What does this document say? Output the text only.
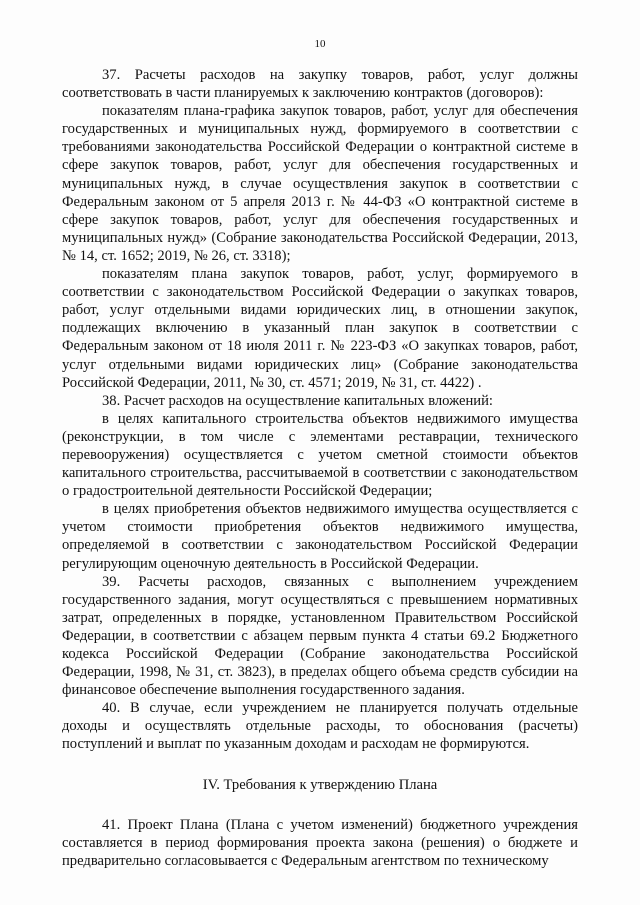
10

37. Расчеты расходов на закупку товаров, работ, услуг должны соответствовать в части планируемых к заключению контрактов (договоров):

показателям плана-графика закупок товаров, работ, услуг для обеспечения государственных и муниципальных нужд, формируемого в соответствии с требованиями законодательства Российской Федерации о контрактной системе в сфере закупок товаров, работ, услуг для обеспечения государственных и муниципальных нужд, в случае осуществления закупок в соответствии с Федеральным законом от 5 апреля 2013 г. № 44-ФЗ «О контрактной системе в сфере закупок товаров, работ, услуг для обеспечения государственных и муниципальных нужд» (Собрание законодательства Российской Федерации, 2013, № 14, ст. 1652; 2019, № 26, ст. 3318);

показателям плана закупок товаров, работ, услуг, формируемого в соответствии с законодательством Российской Федерации о закупках товаров, работ, услуг отдельными видами юридических лиц, в отношении закупок, подлежащих включению в указанный план закупок в соответствии с Федеральным законом от 18 июля 2011 г. № 223-ФЗ «О закупках товаров, работ, услуг отдельными видами юридических лиц» (Собрание законодательства Российской Федерации, 2011, № 30, ст. 4571; 2019, № 31, ст. 4422) .

38. Расчет расходов на осуществление капитальных вложений:

в целях капитального строительства объектов недвижимого имущества (реконструкции, в том числе с элементами реставрации, технического перевооружения) осуществляется с учетом сметной стоимости объектов капитального строительства, рассчитываемой в соответствии с законодательством о градостроительной деятельности Российской Федерации;

в целях приобретения объектов недвижимого имущества осуществляется с учетом стоимости приобретения объектов недвижимого имущества, определяемой в соответствии с законодательством Российской Федерации регулирующим оценочную деятельность в Российской Федерации.

39. Расчеты расходов, связанных с выполнением учреждением государственного задания, могут осуществляться с превышением нормативных затрат, определенных в порядке, установленном Правительством Российской Федерации, в соответствии с абзацем первым пункта 4 статьи 69.2 Бюджетного кодекса Российской Федерации (Собрание законодательства Российской Федерации, 1998, № 31, ст. 3823), в пределах общего объема средств субсидии на финансовое обеспечение выполнения государственного задания.

40. В случае, если учреждением не планируется получать отдельные доходы и осуществлять отдельные расходы, то обоснования (расчеты) поступлений и выплат по указанным доходам и расходам не формируются.

IV. Требования к утверждению Плана

41. Проект Плана (Плана с учетом изменений) бюджетного учреждения составляется в период формирования проекта закона (решения) о бюджете и предварительно согласовывается с Федеральным агентством по техническому
